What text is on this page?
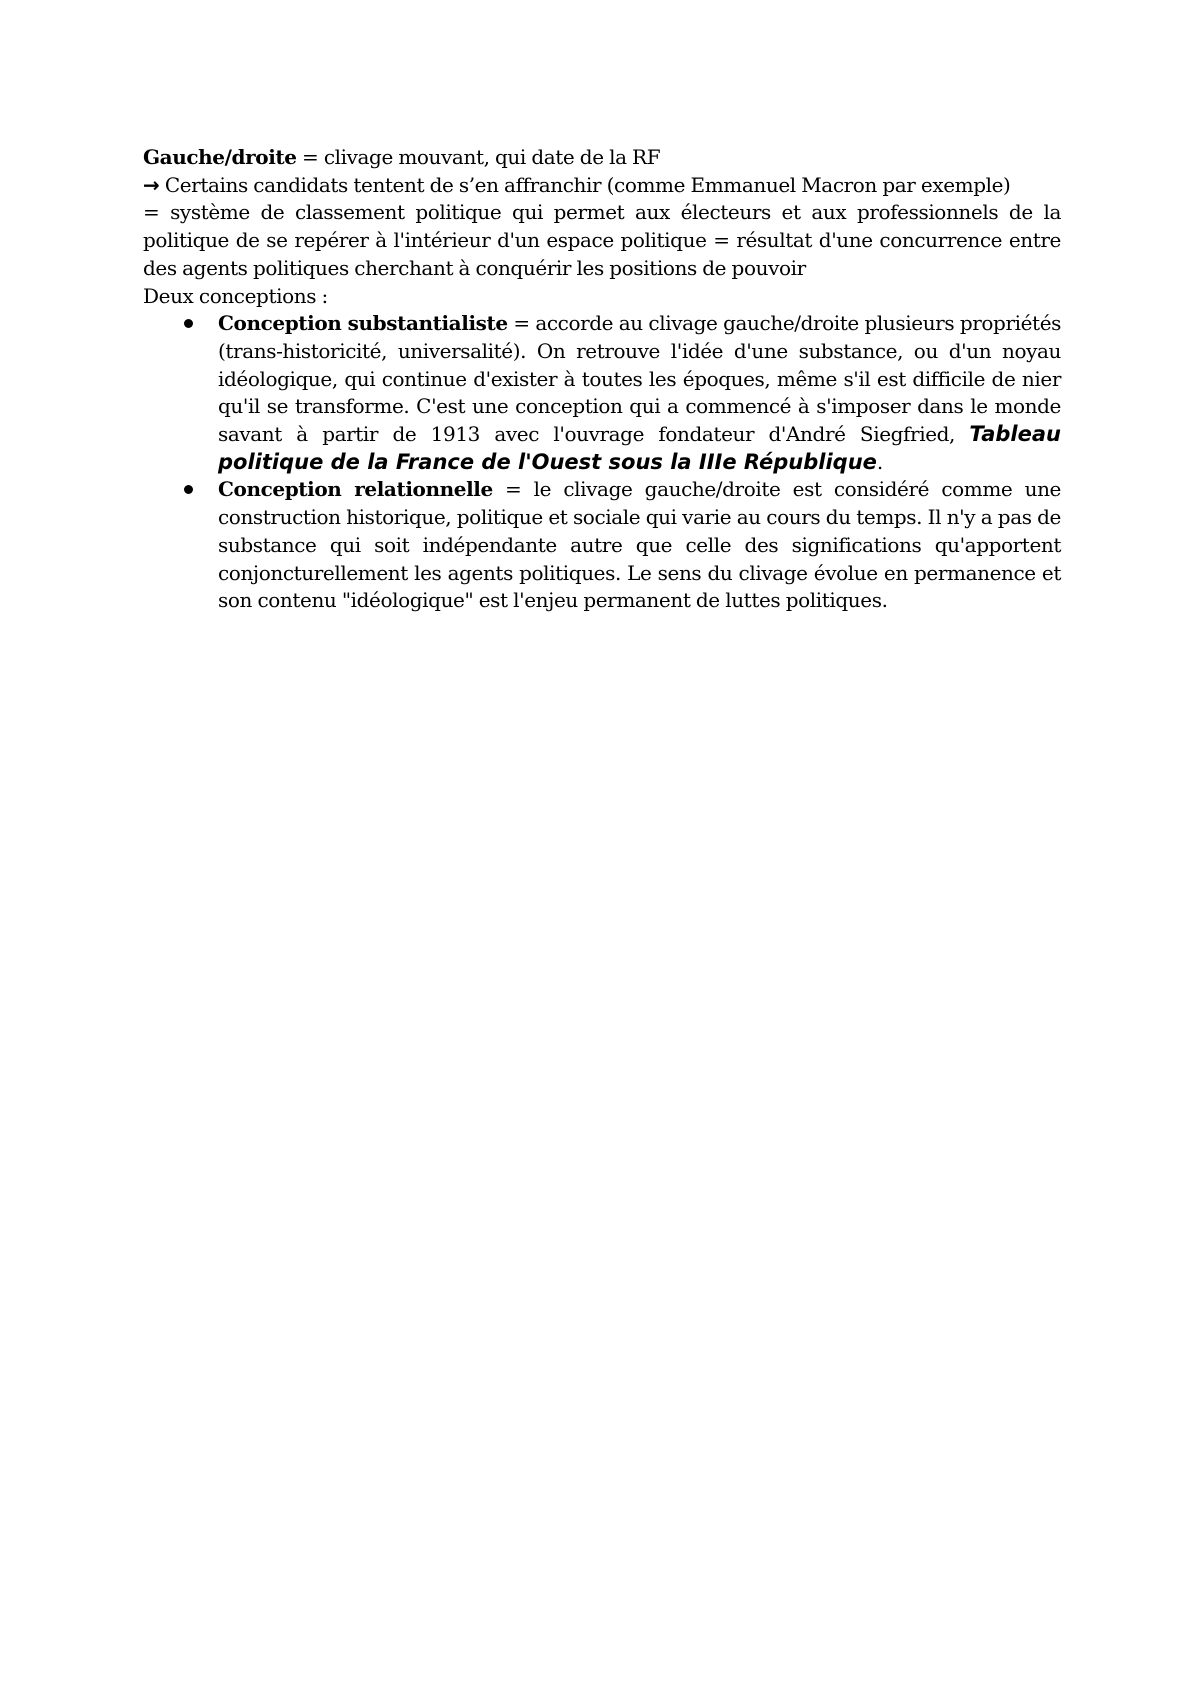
Gauche/droite = clivage mouvant, qui date de la RF

→ Certains candidats tentent de s’en affranchir (comme Emmanuel Macron par exemple)

= système de classement politique qui permet aux électeurs et aux professionnels de la politique de se repérer à l'intérieur d'un espace politique = résultat d'une concurrence entre des agents politiques cherchant à conquérir les positions de pouvoir

Deux conceptions :

Conception substantialiste = accorde au clivage gauche/droite plusieurs propriétés (trans-historicité, universalité). On retrouve l'idée d'une substance, ou d'un noyau idéologique, qui continue d'exister à toutes les époques, même s'il est difficile de nier qu'il se transforme. C'est une conception qui a commencé à s'imposer dans le monde savant à partir de 1913 avec l'ouvrage fondateur d'André Siegfried, Tableau politique de la France de l'Ouest sous la IIIe République.
Conception relationnelle = le clivage gauche/droite est considéré comme une construction historique, politique et sociale qui varie au cours du temps. Il n'y a pas de substance qui soit indépendante autre que celle des significations qu'apportent conjoncturellement les agents politiques. Le sens du clivage évolue en permanence et son contenu "idéologique" est l'enjeu permanent de luttes politiques.
